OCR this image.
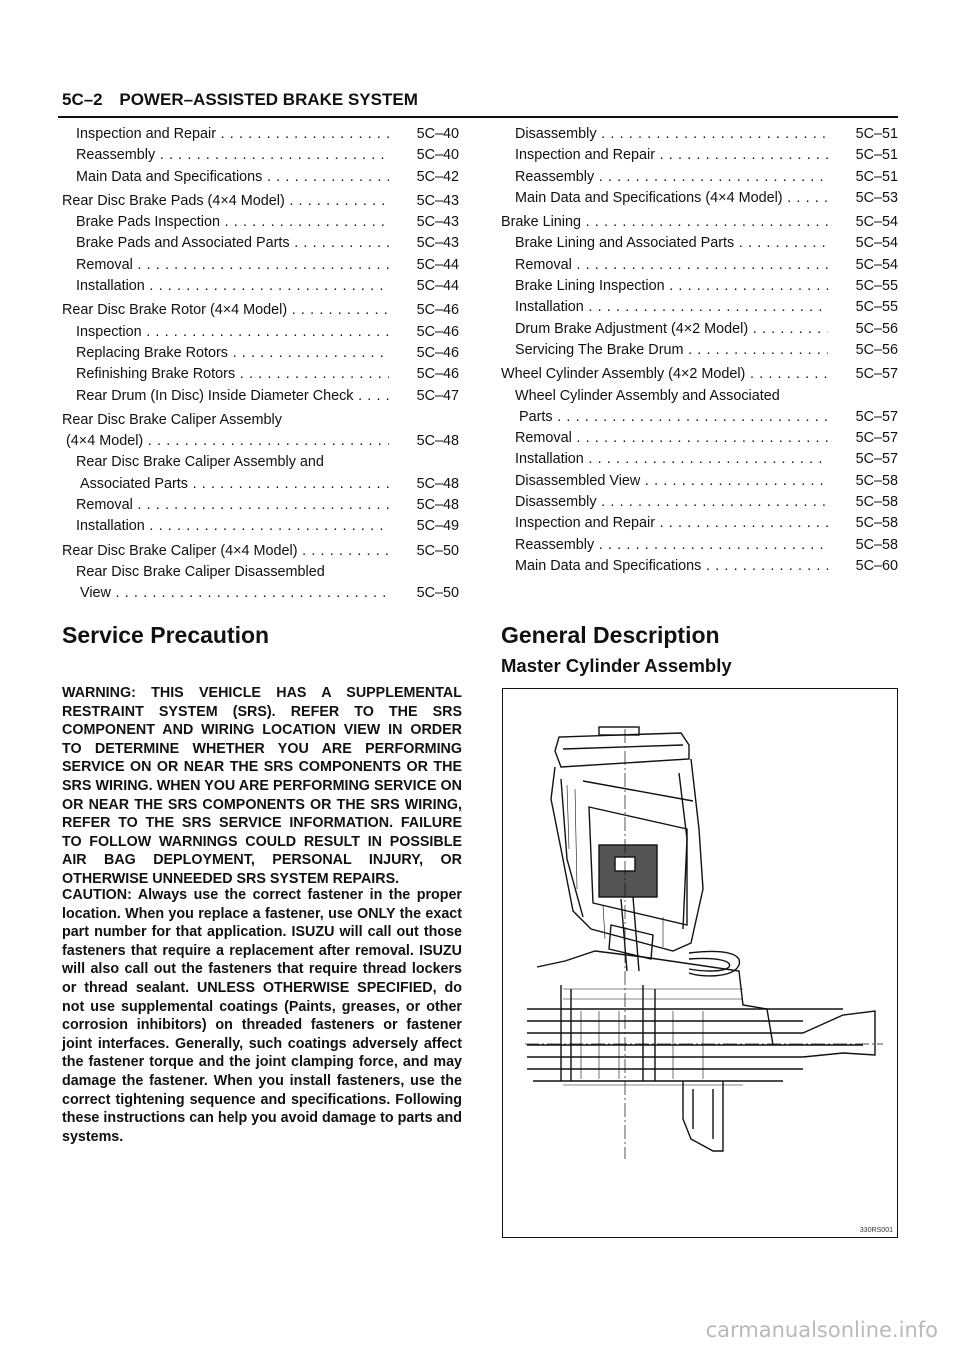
5C–2 POWER–ASSISTED BRAKE SYSTEM
Inspection and Repair . . .	5C–40
Reassembly . . .	5C–40
Main Data and Specifications . . .	5C–42
Rear Disc Brake Pads (4×4 Model) . . .	5C–43
Brake Pads Inspection . . .	5C–43
Brake Pads and Associated Parts . . .	5C–43
Removal . . .	5C–44
Installation . . .	5C–44
Rear Disc Brake Rotor (4×4 Model) . . .	5C–46
Inspection . . .	5C–46
Replacing Brake Rotors . . .	5C–46
Refinishing Brake Rotors . . .	5C–46
Rear Drum (In Disc) Inside Diameter Check . . .	5C–47
Rear Disc Brake Caliper Assembly
(4×4 Model) . . .	5C–48
Rear Disc Brake Caliper Assembly and
Associated Parts . . .	5C–48
Removal . . .	5C–48
Installation . . .	5C–49
Rear Disc Brake Caliper (4×4 Model) . . .	5C–50
Rear Disc Brake Caliper Disassembled
View . . .	5C–50
Disassembly . . .	5C–51
Inspection and Repair . . .	5C–51
Reassembly . . .	5C–51
Main Data and Specifications (4×4 Model) . . .	5C–53
Brake Lining . . .	5C–54
Brake Lining and Associated Parts . . .	5C–54
Removal . . .	5C–54
Brake Lining Inspection . . .	5C–55
Installation . . .	5C–55
Drum Brake Adjustment (4×2 Model) . . .	5C–56
Servicing The Brake Drum . . .	5C–56
Wheel Cylinder Assembly (4×2 Model) . . .	5C–57
Wheel Cylinder Assembly and Associated
Parts . . .	5C–57
Removal . . .	5C–57
Installation . . .	5C–57
Disassembled View . . .	5C–58
Disassembly . . .	5C–58
Inspection and Repair . . .	5C–58
Reassembly . . .	5C–58
Main Data and Specifications . . .	5C–60
Service Precaution
WARNING: THIS VEHICLE HAS A SUPPLEMENTAL RESTRAINT SYSTEM (SRS). REFER TO THE SRS COMPONENT AND WIRING LOCATION VIEW IN ORDER TO DETERMINE WHETHER YOU ARE PERFORMING SERVICE ON OR NEAR THE SRS COMPONENTS OR THE SRS WIRING. WHEN YOU ARE PERFORMING SERVICE ON OR NEAR THE SRS COMPONENTS OR THE SRS WIRING, REFER TO THE SRS SERVICE INFORMATION. FAILURE TO FOLLOW WARNINGS COULD RESULT IN POSSIBLE AIR BAG DEPLOYMENT, PERSONAL INJURY, OR OTHERWISE UNNEEDED SRS SYSTEM REPAIRS.
CAUTION: Always use the correct fastener in the proper location. When you replace a fastener, use ONLY the exact part number for that application. ISUZU will call out those fasteners that require a replacement after removal. ISUZU will also call out the fasteners that require thread lockers or thread sealant. UNLESS OTHERWISE SPECIFIED, do not use supplemental coatings (Paints, greases, or other corrosion inhibitors) on threaded fasteners or fastener joint interfaces. Generally, such coatings adversely affect the fastener torque and the joint clamping force, and may damage the fastener. When you install fasteners, use the correct tightening sequence and specifications. Following these instructions can help you avoid damage to parts and systems.
General Description
Master Cylinder Assembly
330RS001
carmanualsonline.info
